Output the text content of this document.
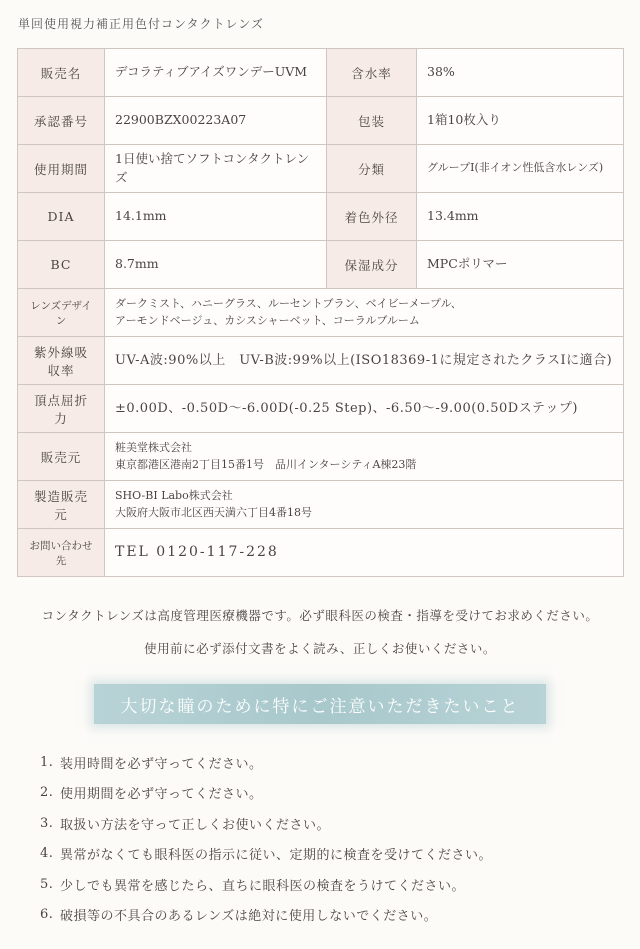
単回使用視力補正用色付コンタクトレンズ
販売名	デコラティブアイズワンデーUVM	含水率	38%
承認番号	22900BZX00223A07	包装	1箱10枚入り
使用期間	1日使い捨てソフトコンタクトレンズ	分類	グループⅠ(非イオン性低含水レンズ)
DIA	14.1mm	着色外径	13.4mm
BC	8.7mm	保湿成分	MPCポリマー
レンズデザイン	ダークミスト、ハニーグラス、ルーセントブラン、ベイビーメープル、
アーモンドベージュ、カシスシャーベット、コーラルブルーム		

紫外線吸収率	UV-A波:90%以上　UV-B波:99%以上(ISO18369-1に規定されたクラスⅠに適合)		
頂点屈折力	±0.00D、-0.50D～-6.00D(-0.25 Step)、-6.50～-9.00(0.50Dステップ)		
販売元	粧美堂株式会社
東京都港区港南2丁目15番1号　品川インターシティA棟23階		

製造販売元	SHO-BI Labo株式会社
大阪府大阪市北区西天満六丁目4番18号		

お問い合わせ先	TEL 0120-117-228		
コンタクトレンズは高度管理医療機器です。必ず眼科医の検査・指導を受けてお求めください。
使用前に必ず添付文書をよく読み、正しくお使いください。
大切な瞳のために特にご注意いただきたいこと
1. 装用時間を必ず守ってください。
2. 使用期間を必ず守ってください。
3. 取扱い方法を守って正しくお使いください。
4. 異常がなくても眼科医の指示に従い、定期的に検査を受けてください。
5. 少しでも異常を感じたら、直ちに眼科医の検査をうけてください。
6. 破損等の不具合のあるレンズは絶対に使用しないでください。
